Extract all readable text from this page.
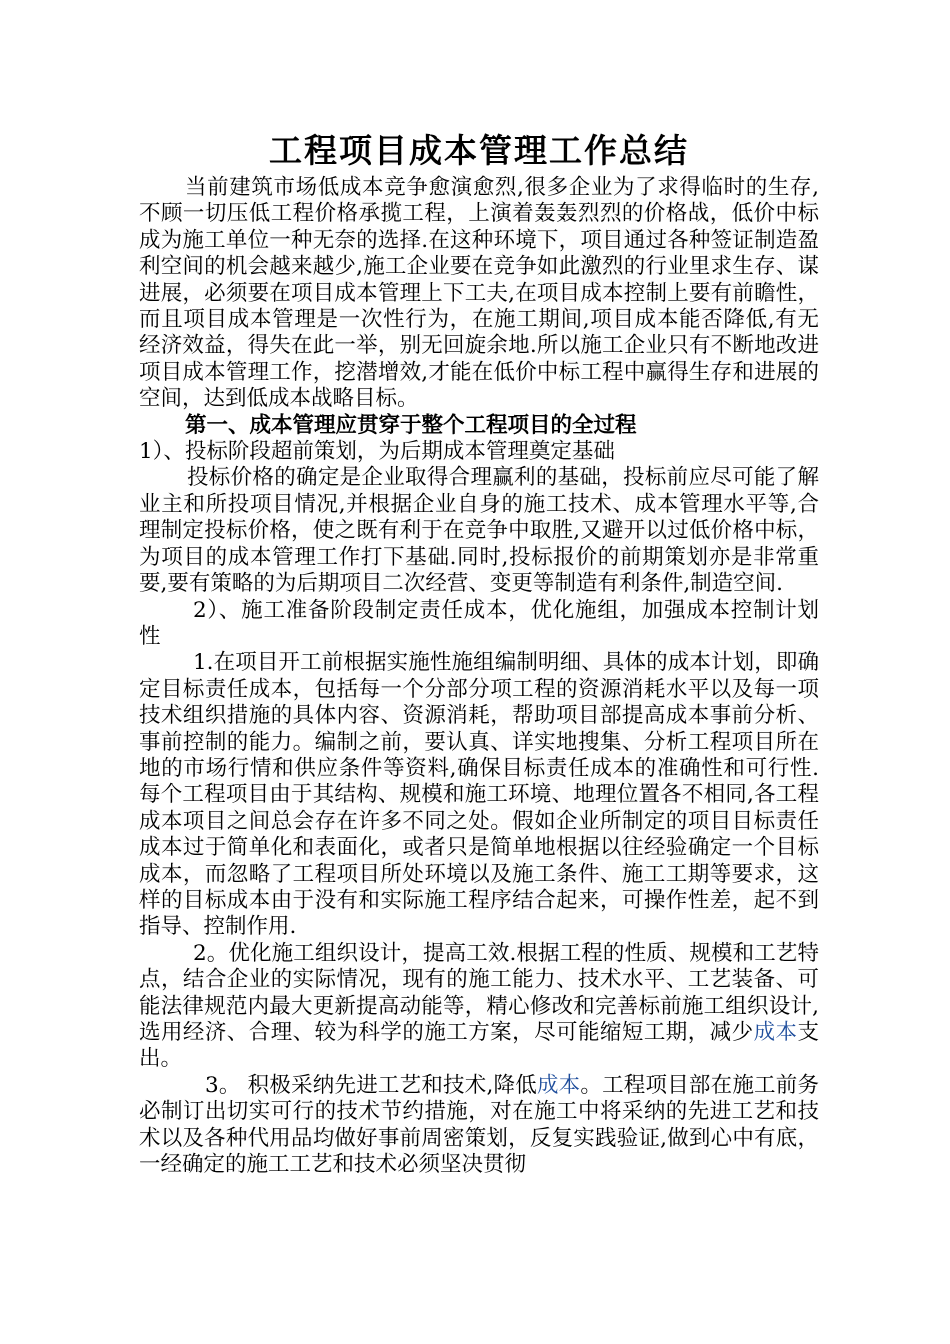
工程项目成本管理工作总结

当前建筑市场低成本竞争愈演愈烈,很多企业为了求得临时的生存,不顾一切压低工程价格承揽工程，上演着轰轰烈烈的价格战，低价中标成为施工单位一种无奈的选择.在这种环境下，项目通过各种签证制造盈利空间的机会越来越少,施工企业要在竞争如此激烈的行业里求生存、谋进展，必须要在项目成本管理上下工夫,在项目成本控制上要有前瞻性，而且项目成本管理是一次性行为，在施工期间,项目成本能否降低,有无经济效益，得失在此一举，别无回旋余地.所以施工企业只有不断地改进项目成本管理工作，挖潜增效,才能在低价中标工程中赢得生存和进展的空间，达到低成本战略目标。

第一、成本管理应贯穿于整个工程项目的全过程

1）、投标阶段超前策划，为后期成本管理奠定基础

投标价格的确定是企业取得合理赢利的基础，投标前应尽可能了解业主和所投项目情况,并根据企业自身的施工技术、成本管理水平等,合理制定投标价格，使之既有利于在竞争中取胜,又避开以过低价格中标，为项目的成本管理工作打下基础.同时,投标报价的前期策划亦是非常重要,要有策略的为后期项目二次经营、变更等制造有利条件,制造空间.

2）、施工准备阶段制定责任成本，优化施组，加强成本控制计划性

1.在项目开工前根据实施性施组编制明细、具体的成本计划，即确定目标责任成本，包括每一个分部分项工程的资源消耗水平以及每一项技术组织措施的具体内容、资源消耗，帮助项目部提高成本事前分析、事前控制的能力。编制之前，要认真、详实地搜集、分析工程项目所在地的市场行情和供应条件等资料,确保目标责任成本的准确性和可行性.每个工程项目由于其结构、规模和施工环境、地理位置各不相同,各工程成本项目之间总会存在许多不同之处。假如企业所制定的项目目标责任成本过于简单化和表面化，或者只是简单地根据以往经验确定一个目标成本，而忽略了工程项目所处环境以及施工条件、施工工期等要求，这样的目标成本由于没有和实际施工程序结合起来，可操作性差，起不到指导、控制作用.

2。优化施工组织设计，提高工效.根据工程的性质、规模和工艺特点，结合企业的实际情况，现有的施工能力、技术水平、工艺装备、可能法律规范内最大更新提高动能等，精心修改和完善标前施工组织设计,选用经济、合理、较为科学的施工方案，尽可能缩短工期，减少成本支出。

3。 积极采纳先进工艺和技术,降低成本。工程项目部在施工前务必制订出切实可行的技术节约措施，对在施工中将采纳的先进工艺和技术以及各种代用品均做好事前周密策划，反复实践验证,做到心中有底，一经确定的施工工艺和技术必须坚决贯彻
